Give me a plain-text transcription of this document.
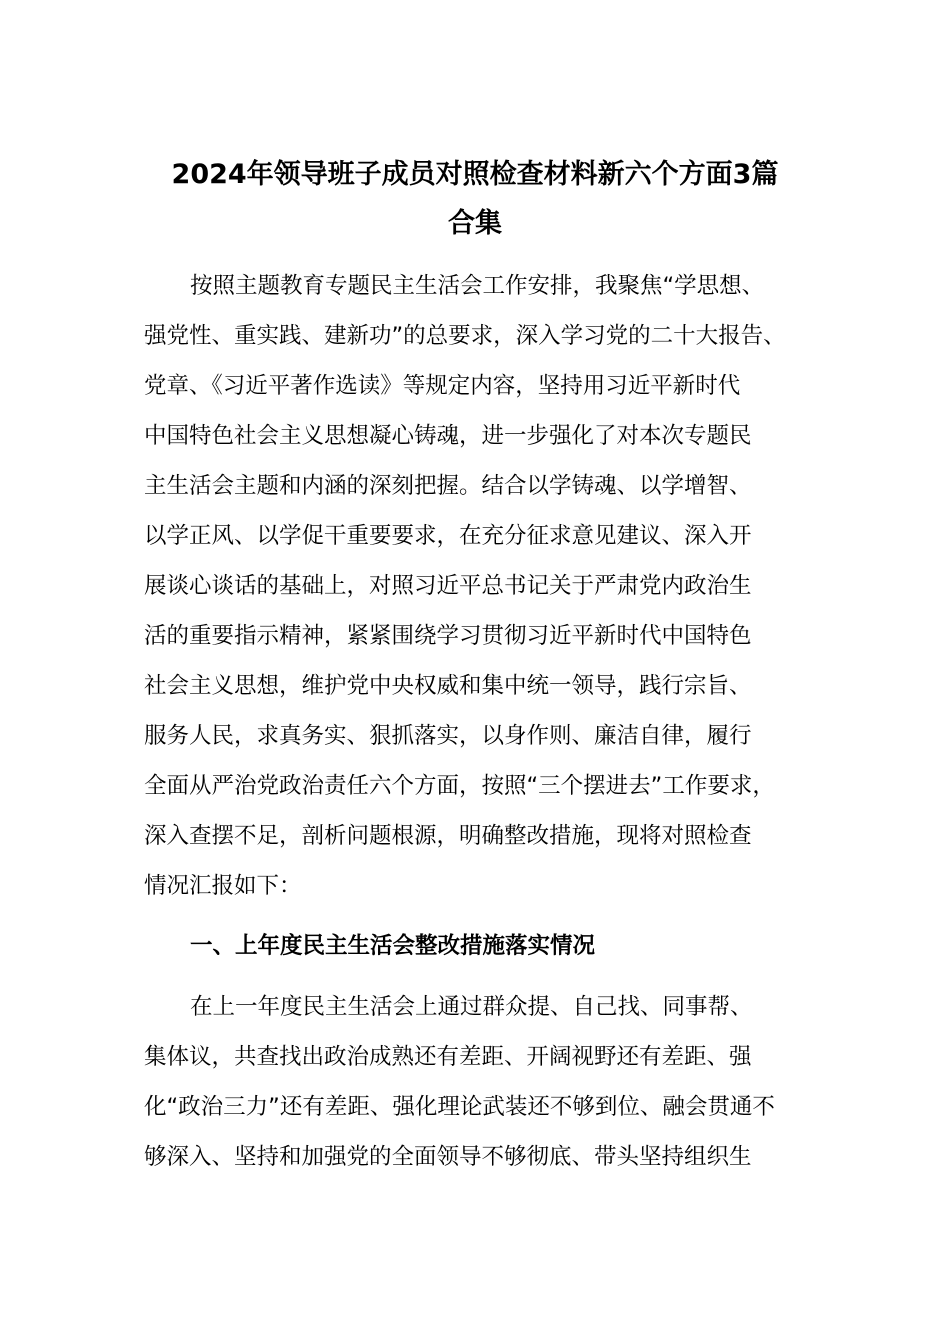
2024年领导班子成员对照检查材料新六个方面3篇
合集

按照主题教育专题民主生活会工作安排，我聚焦“学思想、

强党性、重实践、建新功”的总要求，深入学习党的二十大报告、

党章、《习近平著作选读》等规定内容，坚持用习近平新时代

中国特色社会主义思想凝心铸魂，进一步强化了对本次专题民

主生活会主题和内涵的深刻把握。结合以学铸魂、以学增智、

以学正风、以学促干重要要求，在充分征求意见建议、深入开

展谈心谈话的基础上，对照习近平总书记关于严肃党内政治生

活的重要指示精神，紧紧围绕学习贯彻习近平新时代中国特色

社会主义思想，维护党中央权威和集中统一领导，践行宗旨、

服务人民，求真务实、狠抓落实，以身作则、廉洁自律，履行

全面从严治党政治责任六个方面，按照“三个摆进去”工作要求，

深入查摆不足，剖析问题根源，明确整改措施，现将对照检查

情况汇报如下：

一、上年度民主生活会整改措施落实情况

在上一年度民主生活会上通过群众提、自己找、同事帮、

集体议，共查找出政治成熟还有差距、开阔视野还有差距、强

化“政治三力”还有差距、强化理论武装还不够到位、融会贯通不

够深入、坚持和加强党的全面领导不够彻底、带头坚持组织生
